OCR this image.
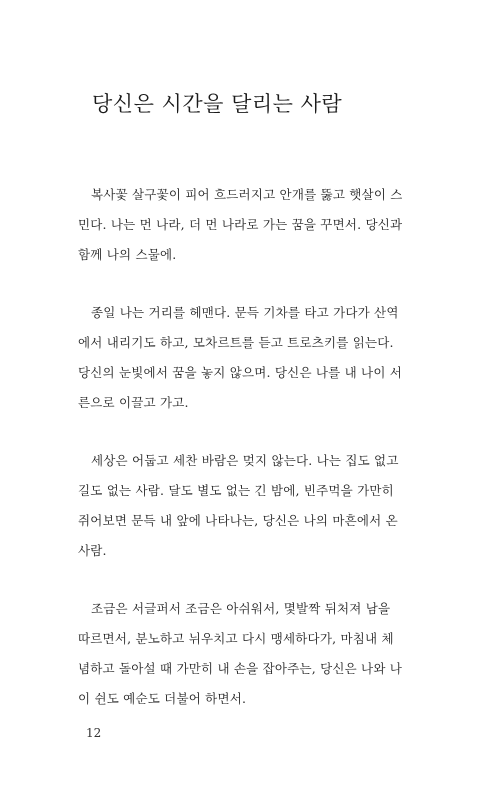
당신은 시간을 달리는 사람
복사꽃 살구꽃이 피어 흐드러지고 안개를 뚫고 햇살이 스
민다. 나는 먼 나라, 더 먼 나라로 가는 꿈을 꾸면서. 당신과
함께 나의 스물에.
종일 나는 거리를 헤맨다. 문득 기차를 타고 가다가 산역
에서 내리기도 하고, 모차르트를 듣고 트로츠키를 읽는다.
당신의 눈빛에서 꿈을 놓지 않으며. 당신은 나를 내 나이 서
른으로 이끌고 가고.
세상은 어둡고 세찬 바람은 멎지 않는다. 나는 집도 없고
길도 없는 사람. 달도 별도 없는 긴 밤에, 빈주먹을 가만히
쥐어보면 문득 내 앞에 나타나는, 당신은 나의 마흔에서 온
사람.
조금은 서글퍼서 조금은 아쉬워서, 몇발짝 뒤처져 남을
따르면서, 분노하고 뉘우치고 다시 맹세하다가, 마침내 체
념하고 돌아설 때 가만히 내 손을 잡아주는, 당신은 나와 나
이 쉰도 예순도 더불어 하면서.
12
